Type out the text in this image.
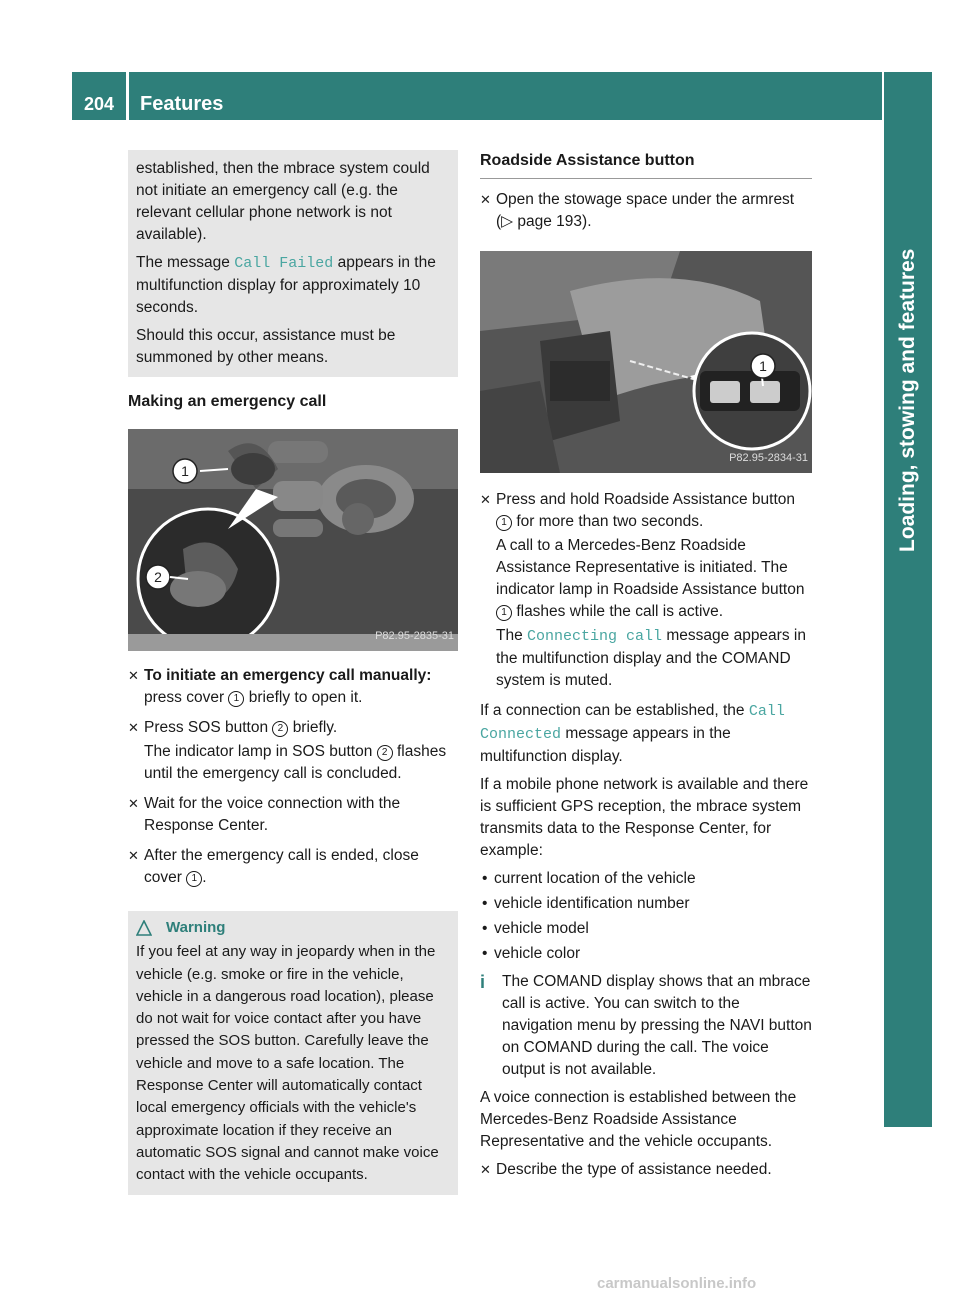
204	Features
Loading, stowing and features

established, then the mbrace system could not initiate an emergency call (e.g. the relevant cellular phone network is not available).

The message Call Failed appears in the multifunction display for approximately 10 seconds.

Should this occur, assistance must be summoned by other means.

Making an emergency call
1
2
P82.95-2835-31
✕ To initiate an emergency call manually: press cover 1 briefly to open it.
✕ Press SOS button 2 briefly.
The indicator lamp in SOS button 2 flashes until the emergency call is concluded.
✕ Wait for the voice connection with the Response Center.
✕ After the emergency call is ended, close cover 1 .
Warning
If you feel at any way in jeopardy when in the vehicle (e.g. smoke or fire in the vehicle, vehicle in a dangerous road location), please do not wait for voice contact after you have pressed the SOS button. Carefully leave the vehicle and move to a safe location. The Response Center will automatically contact local emergency officials with the vehicle's approximate location if they receive an automatic SOS signal and cannot make voice contact with the vehicle occupants.
Roadside Assistance button
✕ Open the stowage space under the armrest (▷ page 193).
1
P82.95-2834-31
✕ Press and hold Roadside Assistance button 1 for more than two seconds.
A call to a Mercedes-Benz Roadside Assistance Representative is initiated. The indicator lamp in Roadside Assistance button 1 flashes while the call is active.
The Connecting call message appears in the multifunction display and the COMAND system is muted.

If a connection can be established, the Call Connected message appears in the multifunction display.

If a mobile phone network is available and there is sufficient GPS reception, the mbrace system transmits data to the Response Center, for example:

• current location of the vehicle
• vehicle identification number
• vehicle model
• vehicle color
i The COMAND display shows that an mbrace call is active. You can switch to the navigation menu by pressing the NAVI button on COMAND during the call. The voice output is not available.

A voice connection is established between the Mercedes-Benz Roadside Assistance Representative and the vehicle occupants.

✕ Describe the type of assistance needed.
carmanualsonline.info
